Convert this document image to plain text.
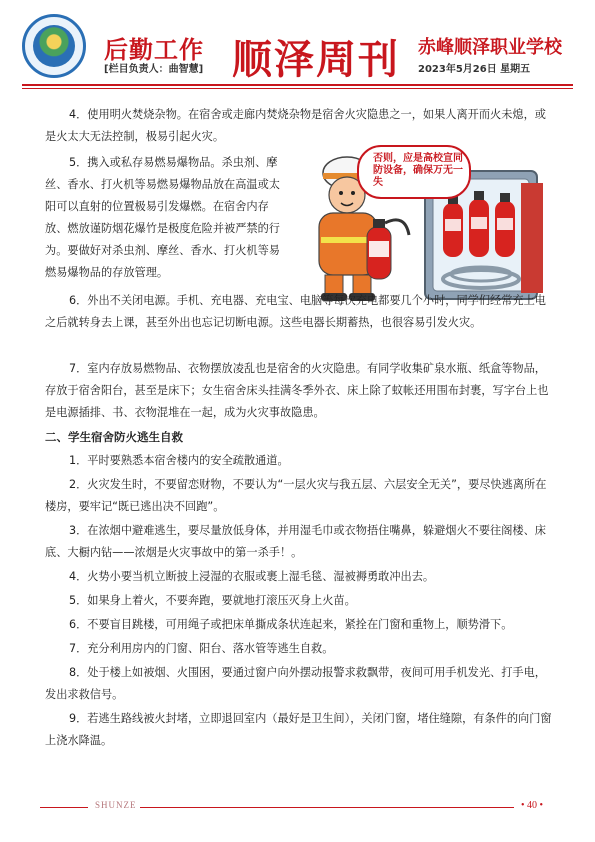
后勤工作
[栏目负责人：曲智慧] 顺泽周刊 赤峰顺泽职业学校
2023年5月26日 星期五

4．使用明火焚烧杂物。在宿舍或走廊内焚烧杂物是宿舍火灾隐患之一，如果人离开而火未熄，或是火太大无法控制，极易引起火灾。

5．携入或私存易燃易爆物品。杀虫剂、摩丝、香水、打火机等易燃易爆物品放在高温或太阳可以直射的位置极易引发爆燃。在宿舍内存放、燃放谨防烟花爆竹是极度危险并被严禁的行为。要做好对杀虫剂、摩丝、香水、打火机等易燃易爆物品的存放管理。

否则，应是高校宣同
防设备，确保万无一失

6．外出不关闭电源。手机、充电器、充电宝、电脑等每次充电都要几个小时，同学们经常充上电之后就转身去上课，甚至外出也忘记切断电源。这些电器长期蓄热，也很容易引发火灾。

7．室内存放易燃物品、衣物摆放凌乱也是宿舍的火灾隐患。有同学收集矿泉水瓶、纸盒等物品，存放于宿舍阳台，甚至是床下；女生宿舍床头挂满冬季外衣、床上除了蚊帐还用围布封裹，写字台上也是电源插排、书、衣物混堆在一起，成为火灾事故隐患。

二、学生宿舍防火逃生自救

1．平时要熟悉本宿舍楼内的安全疏散通道。

2．火灾发生时，不要留恋财物，不要认为“一层火灾与我五层、六层安全无关”，要尽快逃离所在楼房，要牢记“既已逃出决不回跑”。

3．在浓烟中避难逃生，要尽量放低身体，并用湿毛巾或衣物捂住嘴鼻，躲避烟火不要往阁楼、床底、大橱内钻——浓烟是火灾事故中的第一杀手！。

4．火势小要当机立断披上浸湿的衣服或裹上湿毛毯、湿被褥勇敢冲出去。

5．如果身上着火，不要奔跑，要就地打滚压灭身上火苗。

6．不要盲目跳楼，可用绳子或把床单撕成条状连起来，紧拴在门窗和重物上，顺势滑下。

7．充分利用房内的门窗、阳台、落水管等逃生自救。

8．处于楼上如被烟、火围困，要通过窗户向外摆动报警求救飘带，夜间可用手机发光、打手电，发出求救信号。

9．若逃生路线被火封堵，立即退回室内（最好是卫生间），关闭门窗，堵住缝隙，有条件的向门窗上浇水降温。

SHUNZE	• 40 •
